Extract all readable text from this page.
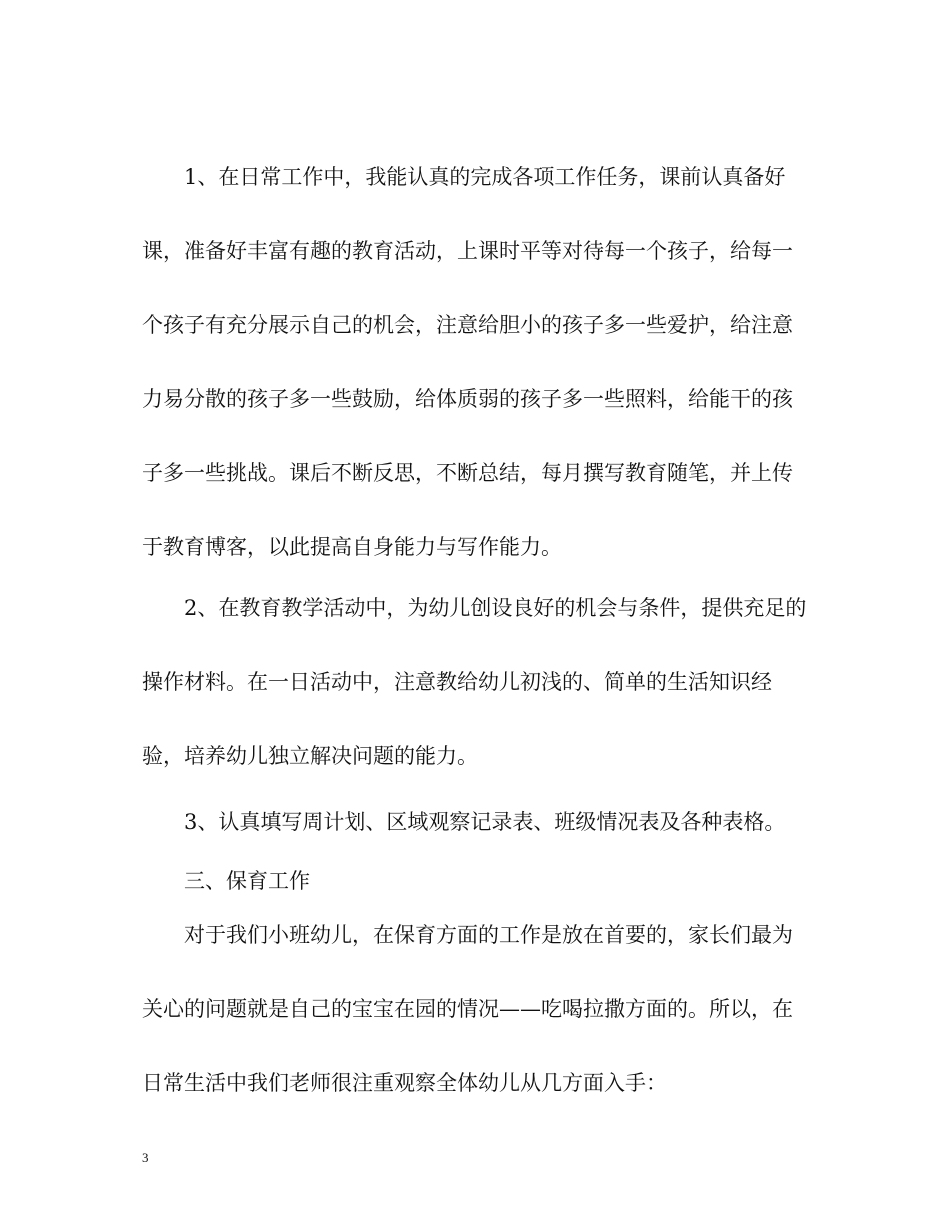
1、在日常工作中，我能认真的完成各项工作任务，课前认真备好课，准备好丰富有趣的教育活动，上课时平等对待每一个孩子，给每一个孩子有充分展示自己的机会，注意给胆小的孩子多一些爱护，给注意力易分散的孩子多一些鼓励，给体质弱的孩子多一些照料，给能干的孩子多一些挑战。课后不断反思，不断总结，每月撰写教育随笔，并上传于教育博客，以此提高自身能力与写作能力。

2、在教育教学活动中，为幼儿创设良好的机会与条件，提供充足的操作材料。在一日活动中，注意教给幼儿初浅的、简单的生活知识经验，培养幼儿独立解决问题的能力。

3、认真填写周计划、区域观察记录表、班级情况表及各种表格。

三、保育工作

对于我们小班幼儿，在保育方面的工作是放在首要的，家长们最为关心的问题就是自己的宝宝在园的情况——吃喝拉撒方面的。所以，在日常生活中我们老师很注重观察全体幼儿从几方面入手：

3
